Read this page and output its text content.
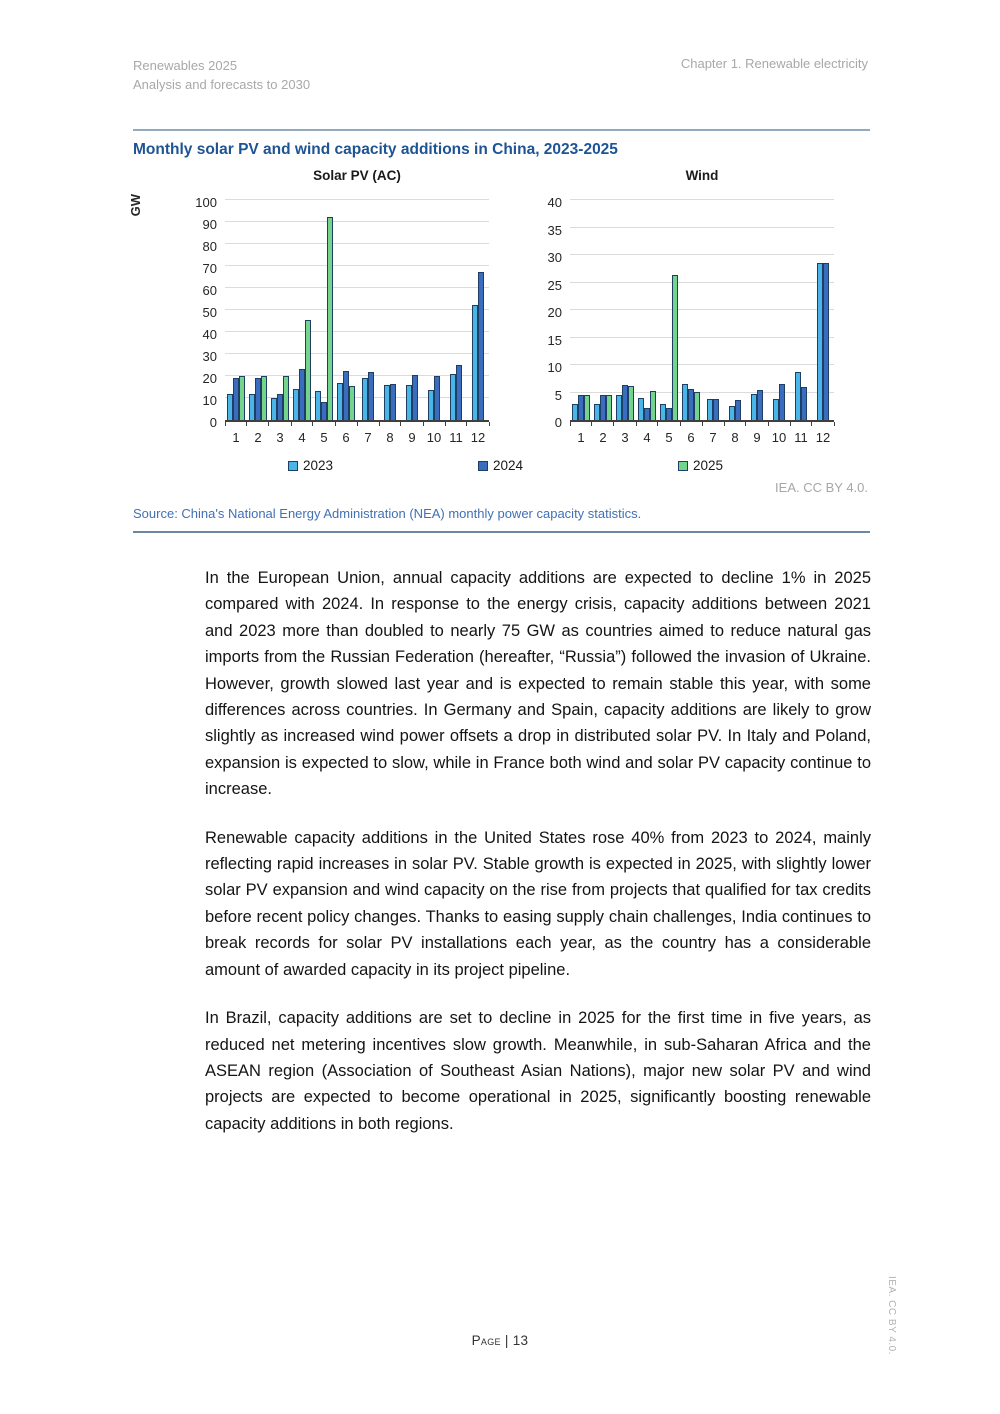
Renewables 2025
Analysis and forecasts to 2030
Chapter 1. Renewable electricity
Monthly solar PV and wind capacity additions in China, 2023-2025
GW
Solar PV (AC)
100
90
80
70
60
50
40
30
20
10
0
1	2	3	4	5	6	7	8	9 10 11 12
Wind
40
35
30
25
20
15
10
5
0
1	2	3	4	5	6	7	8	9 10 11 12
2023	2024	2025
IEA. CC BY 4.0.
Source: China's National Energy Administration (NEA) monthly power capacity statistics.

In the European Union, annual capacity additions are expected to decline 1% in 2025 compared with 2024. In response to the energy crisis, capacity additions between 2021 and 2023 more than doubled to nearly 75 GW as countries aimed to reduce natural gas imports from the Russian Federation (hereafter, “Russia”) followed the invasion of Ukraine. However, growth slowed last year and is expected to remain stable this year, with some differences across countries. In Germany and Spain, capacity additions are likely to grow slightly as increased wind power offsets a drop in distributed solar PV. In Italy and Poland, expansion is expected to slow, while in France both wind and solar PV capacity continue to increase.

Renewable capacity additions in the United States rose 40% from 2023 to 2024, mainly reflecting rapid increases in solar PV. Stable growth is expected in 2025, with slightly lower solar PV expansion and wind capacity on the rise from projects that qualified for tax credits before recent policy changes. Thanks to easing supply chain challenges, India continues to break records for solar PV installations each year, as the country has a considerable amount of awarded capacity in its project pipeline.

In Brazil, capacity additions are set to decline in 2025 for the first time in five years, as reduced net metering incentives slow growth. Meanwhile, in sub-Saharan Africa and the ASEAN region (Association of Southeast Asian Nations), major new solar PV and wind projects are expected to become operational in 2025, significantly boosting renewable capacity additions in both regions.

Page | 13	IEA. CC BY 4.0.
